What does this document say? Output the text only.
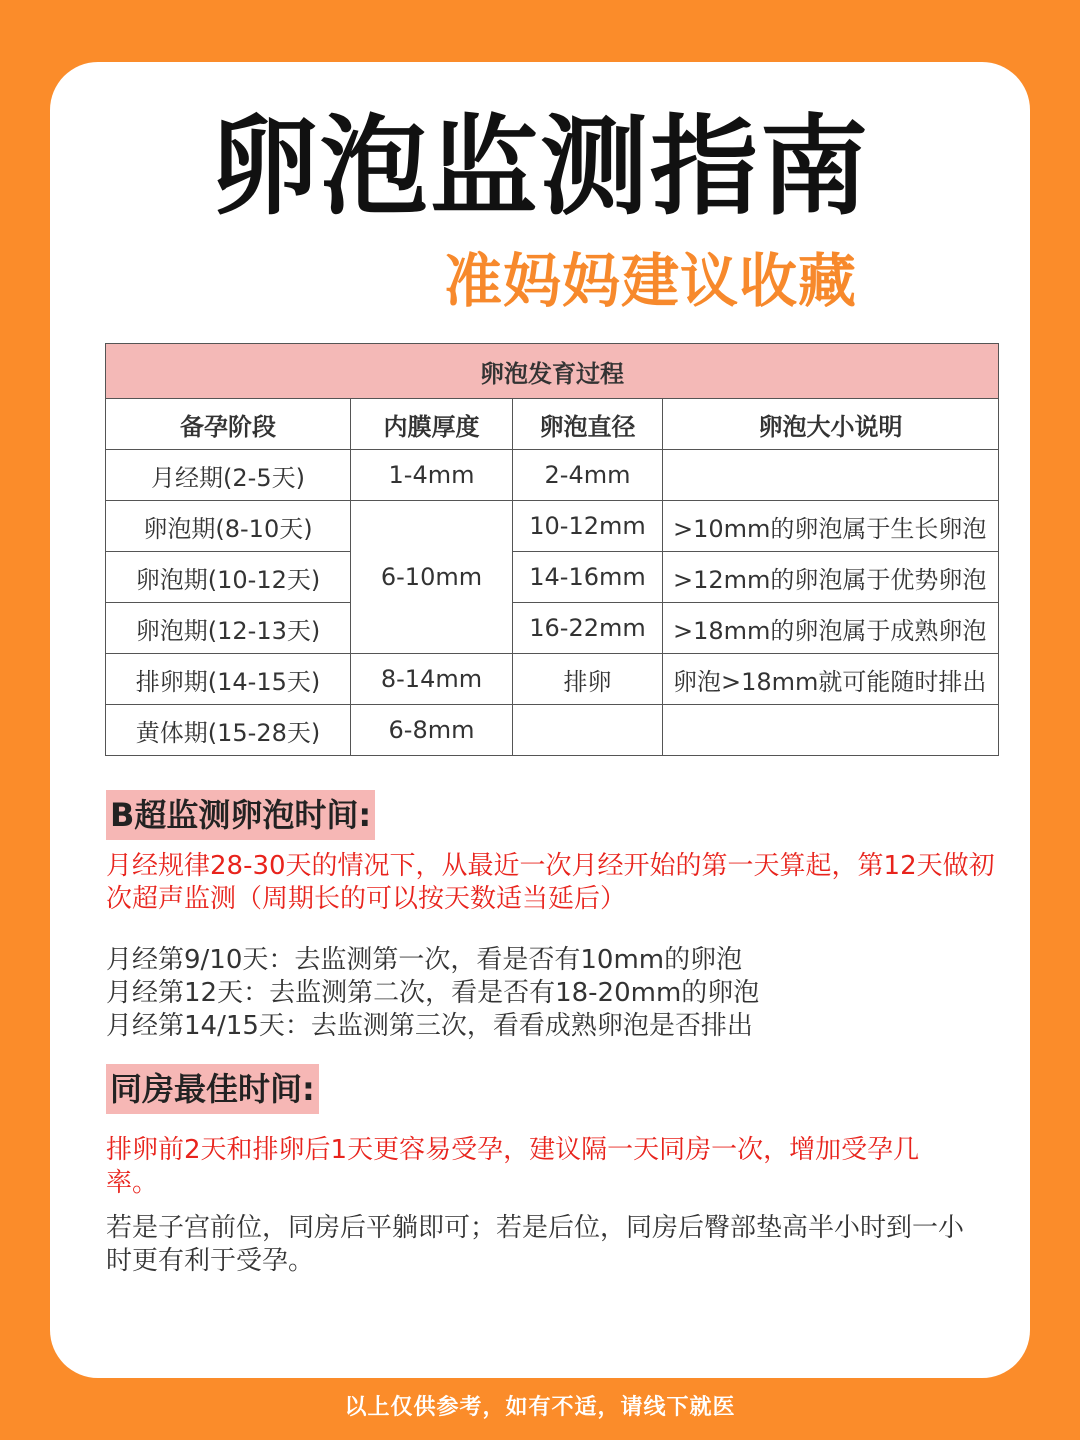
卵泡监测指南
准妈妈建议收藏
卵泡发育过程			
备孕阶段	内膜厚度	卵泡直径	卵泡大小说明
月经期(2-5天)	1-4mm	2-4mm	
卵泡期(8-10天)	6-10mm	10-12mm	>10mm的卵泡属于生长卵泡
卵泡期(10-12天)		14-16mm	>12mm的卵泡属于优势卵泡
卵泡期(12-13天)		16-22mm	>18mm的卵泡属于成熟卵泡
排卵期(14-15天)	8-14mm	排卵	卵泡>18mm就可能随时排出
黄体期(15-28天)	6-8mm		
B超监测卵泡时间:

月经规律28-30天的情况下，从最近一次月经开始的第一天算起，第12天做初次超声监测（周期长的可以按天数适当延后）

月经第9/10天：去监测第一次，看是否有10mm的卵泡

月经第12天：去监测第二次，看是否有18-20mm的卵泡

月经第14/15天：去监测第三次，看看成熟卵泡是否排出

同房最佳时间:

排卵前2天和排卵后1天更容易受孕，建议隔一天同房一次，增加受孕几率。

若是子宫前位，同房后平躺即可；若是后位，同房后臀部垫高半小时到一小时更有利于受孕。

以上仅供参考，如有不适，请线下就医
